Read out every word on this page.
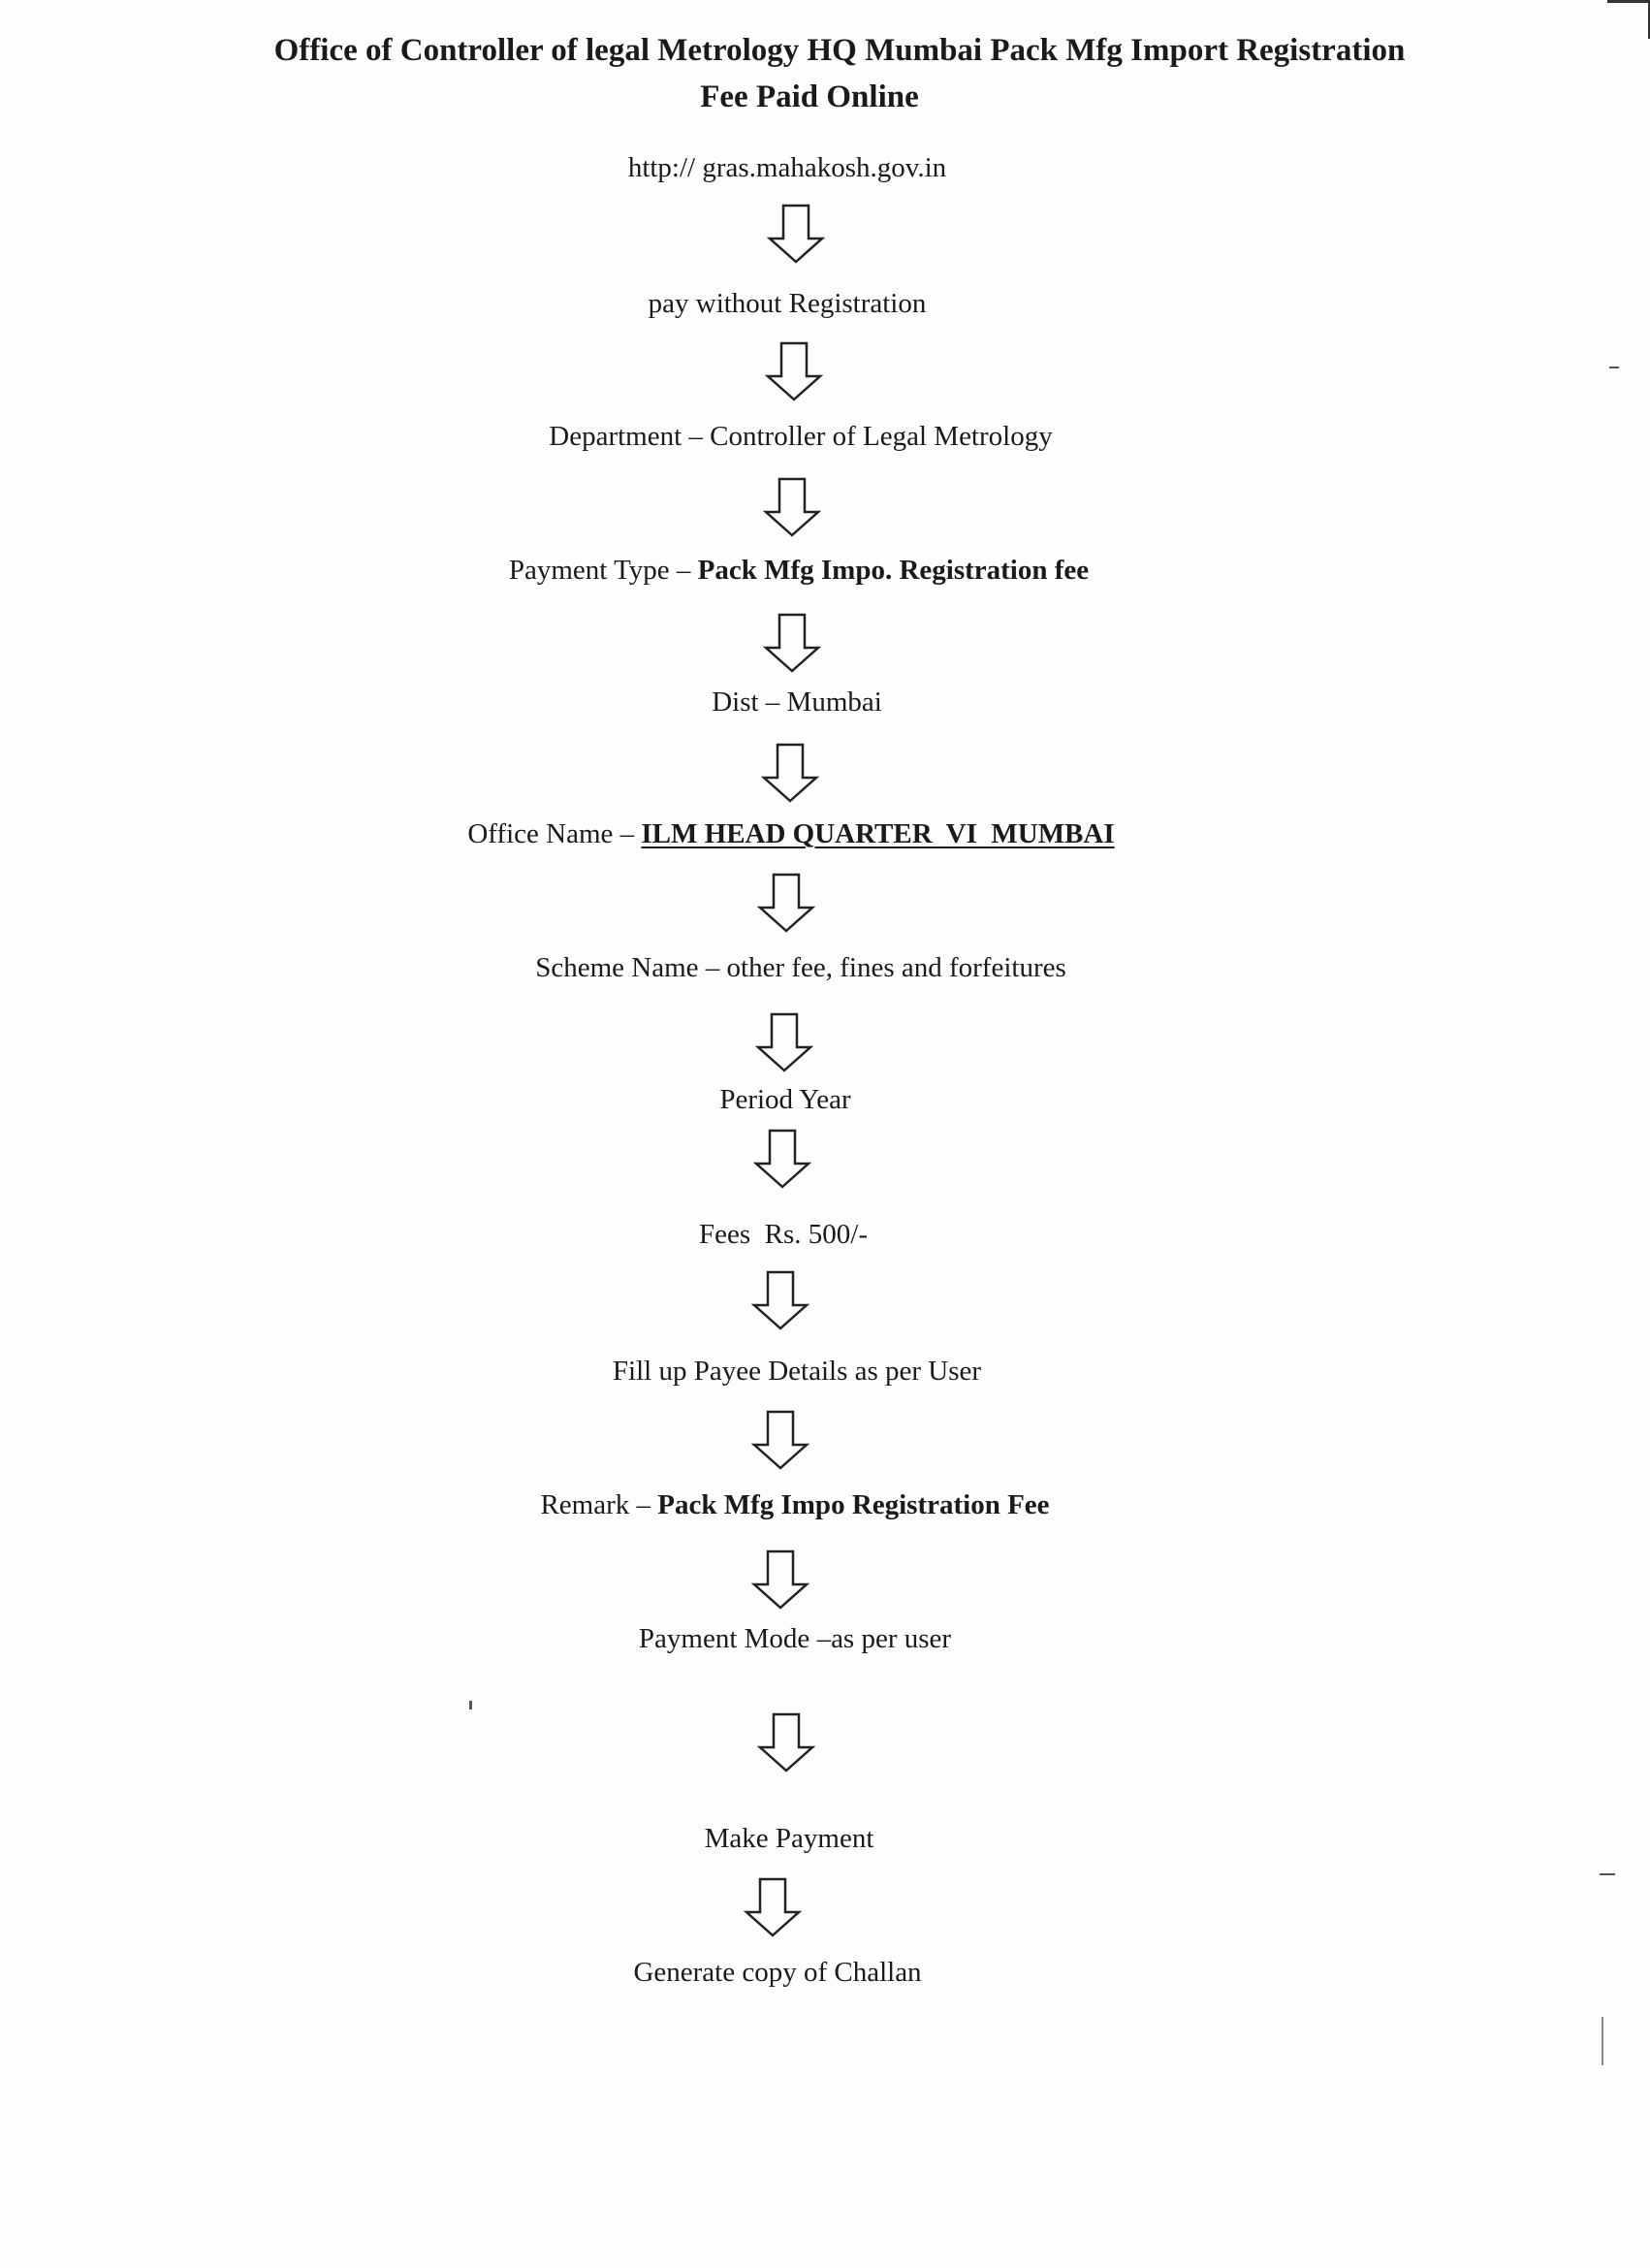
Office of Controller of legal Metrology HQ Mumbai Pack Mfg Import Registration
Fee Paid Online
http:// gras.mahakosh.gov.in
pay without Registration
Department – Controller of Legal Metrology
Payment Type – Pack Mfg Impo. Registration fee
Dist – Mumbai
Office Name – ILM HEAD QUARTER  VI  MUMBAI
Scheme Name – other fee, fines and forfeitures
Period Year
Fees Rs. 500/-
Fill up Payee Details as per User
Remark – Pack Mfg Impo Registration Fee
Payment Mode –as per user
Make Payment
Generate copy of Challan
